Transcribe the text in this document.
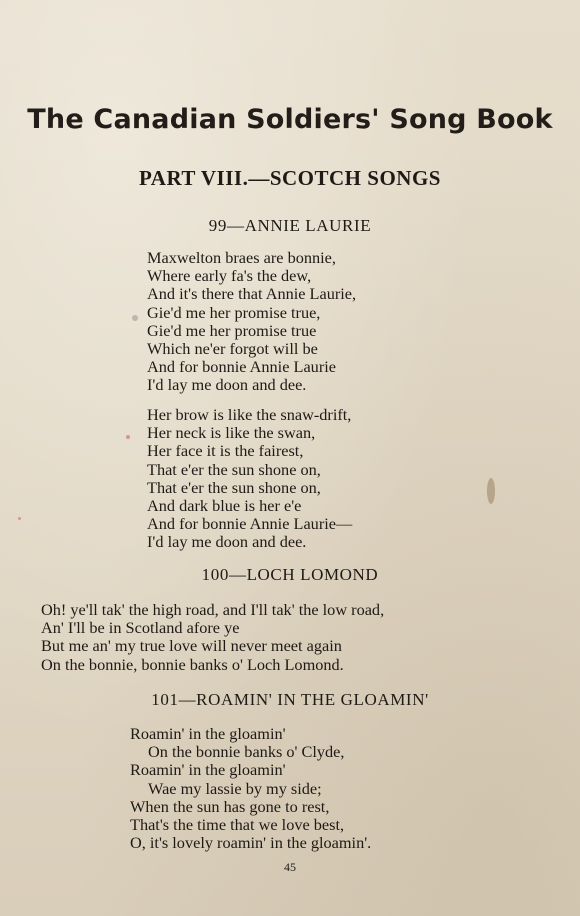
The Canadian Soldiers' Song Book
PART VIII.—SCOTCH SONGS
99—ANNIE LAURIE
Maxwelton braes are bonnie,
Where early fa's the dew,
And it's there that Annie Laurie,
Gie'd me her promise true,
Gie'd me her promise true
Which ne'er forgot will be
And for bonnie Annie Laurie
I'd lay me doon and dee.
Her brow is like the snaw-drift,
Her neck is like the swan,
Her face it is the fairest,
That e'er the sun shone on,
That e'er the sun shone on,
And dark blue is her e'e
And for bonnie Annie Laurie—
I'd lay me doon and dee.
100—LOCH LOMOND
Oh! ye'll tak' the high road, and I'll tak' the low road,
An' I'll be in Scotland afore ye
But me an' my true love will never meet again
On the bonnie, bonnie banks o' Loch Lomond.
101—ROAMIN' IN THE GLOAMIN'
Roamin' in the gloamin'
On the bonnie banks o' Clyde,
Roamin' in the gloamin'
Wae my lassie by my side;
When the sun has gone to rest,
That's the time that we love best,
O, it's lovely roamin' in the gloamin'.
45
